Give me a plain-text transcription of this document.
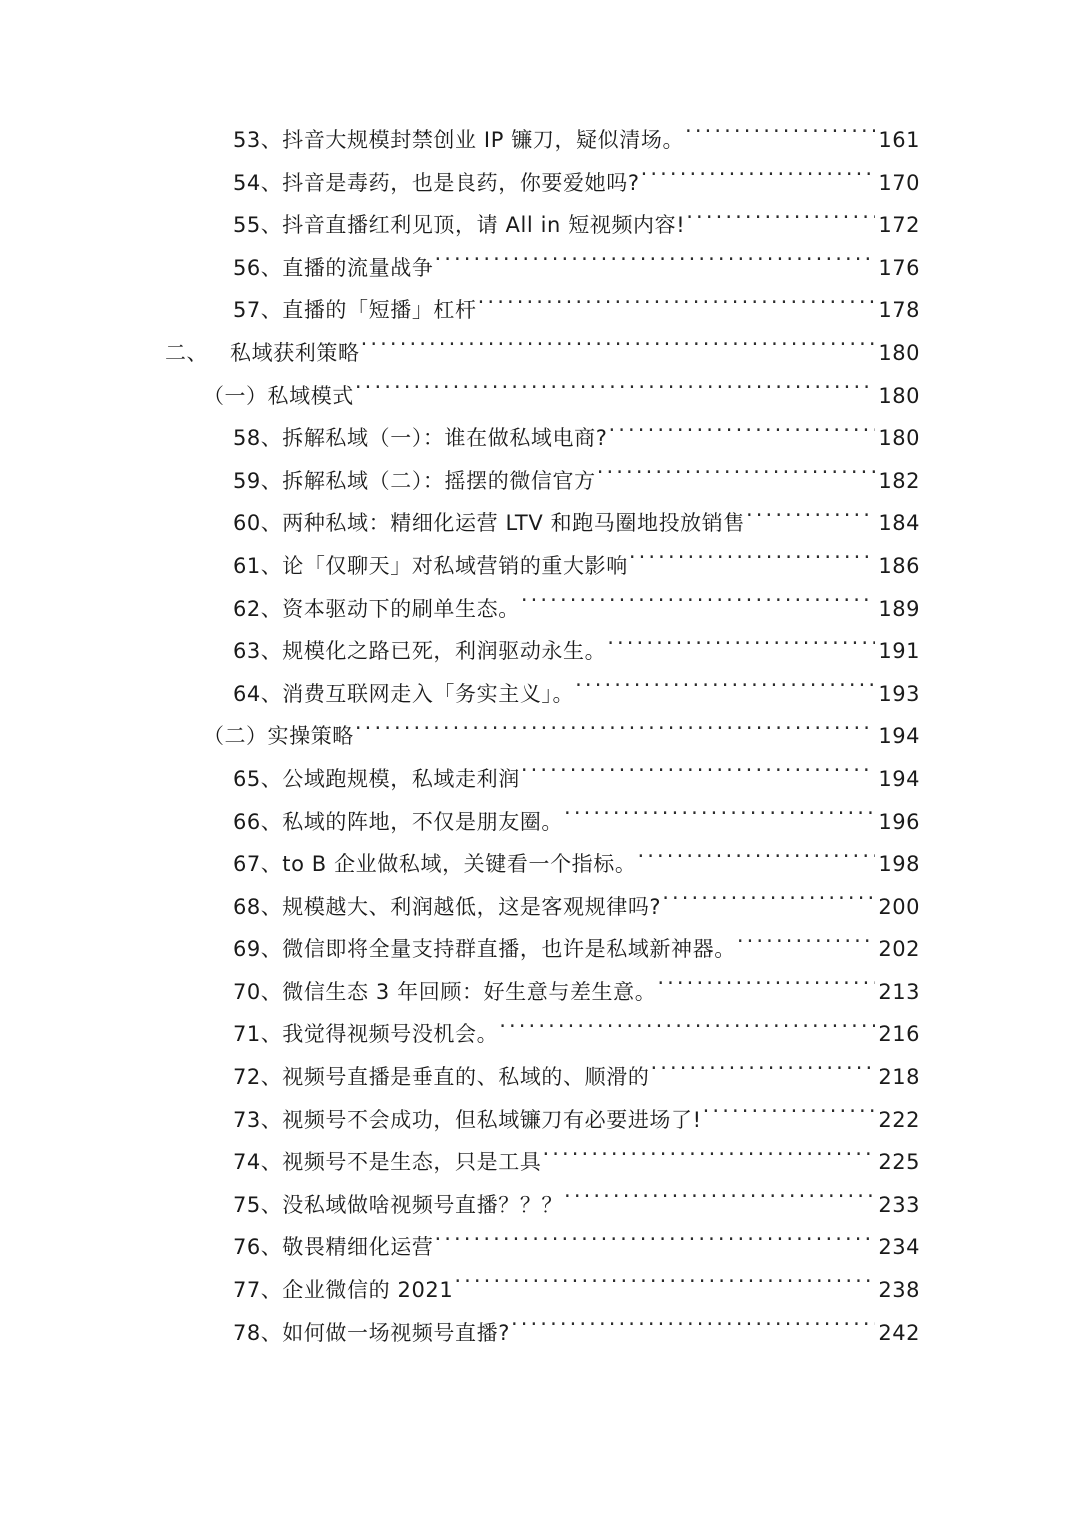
53、 抖音大规模封禁创业 IP 镰刀，疑似清场。 .....	161
54、 抖音是毒药，也是良药，你要爱她吗? .....	170
55、 抖音直播红利见顶，请 All in 短视频内容! .....	172
56、 直播的流量战争 .....	176
57、 直播的「短播」杠杆 .....	178
二、 私域获利策略 .....	180
（一） 私域模式 .....	180
58、 拆解私域（一）：谁在做私域电商? .....	180
59、 拆解私域（二）：摇摆的微信官方 .....	182
60、 两种私域：精细化运营 LTV 和跑马圈地投放销售 .....	184
61、 论「仅聊天」对私域营销的重大影响 .....	186
62、 资本驱动下的刷单生态。 .....	189
63、 规模化之路已死，利润驱动永生。 .....	191
64、 消费互联网走入「务实主义」。 .....	193
（二） 实操策略 .....	194
65、 公域跑规模，私域走利润 .....	194
66、 私域的阵地，不仅是朋友圈。 .....	196
67、 to B 企业做私域，关键看一个指标。 .....	198
68、 规模越大、利润越低，这是客观规律吗? .....	200
69、 微信即将全量支持群直播，也许是私域新神器。 .....	202
70、 微信生态 3 年回顾：好生意与差生意。 .....	213
71、 我觉得视频号没机会。 .....	216
72、 视频号直播是垂直的、私域的、顺滑的 .....	218
73、 视频号不会成功，但私域镰刀有必要进场了! .....	222
74、 视频号不是生态，只是工具 .....	225
75、 没私域做啥视频号直播？？？ .....	233
76、 敬畏精细化运营 .....	234
77、 企业微信的 2021 .....	238
78、 如何做一场视频号直播? .....	242
